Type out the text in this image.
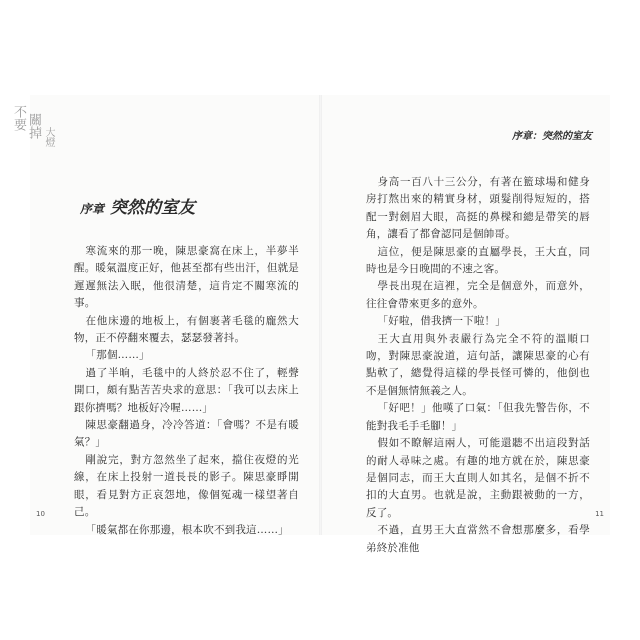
不要 關掉 大燈
序章 突然的室友

寒流來的那一晚，陳思豪窩在床上，半夢半醒。暖氣溫度正好，他甚至都有些出汗，但就是遲遲無法入眠，他很清楚，這肯定不關寒流的事。

在他床邊的地板上，有個裹著毛毯的龐然大物，正不停翻來覆去，瑟瑟發著抖。

「那個……」

過了半晌，毛毯中的人終於忍不住了，輕聲開口，頗有點苦苦央求的意思：「我可以去床上跟你擠嗎？地板好冷喔……」

陳思豪翻過身，冷冷答道：「會嗎？不是有暖氣？」

剛說完，對方忽然坐了起來，擋住夜燈的光線，在床上投射一道長長的影子。陳思豪睜開眼，看見對方正哀怨地，像個冤魂一樣望著自己。

「暖氣都在你那邊，根本吹不到我這……」

10
序章：突然的室友

身高一百八十三公分，有著在籃球場和健身房打熬出來的精實身材，頭髮削得短短的，搭配一對劍眉大眼，高挺的鼻樑和總是帶笑的唇角，讓看了都會認同是個帥哥。

這位，便是陳思豪的直屬學長，王大直，同時也是今日晚間的不速之客。

學長出現在這裡，完全是個意外，而意外，往往會帶來更多的意外。

「好啦，借我擠一下啦！」

王大直用與外表嚴行為完全不符的溫順口吻，對陳思豪說道，這句話，讓陳思豪的心有點軟了，總覺得這樣的學長怪可憐的，他倒也不是個無情無義之人。

「好吧！」他嘆了口氣：「但我先警告你，不能對我毛手毛腳！」

假如不瞭解這兩人，可能還聽不出這段對話的耐人尋味之處。有趣的地方就在於，陳思豪是個同志，而王大直則人如其名，是個不折不扣的大直男。也就是說，主動跟被動的一方，反了。

不過，直男王大直當然不會想那麼多，看學弟終於准他

11
